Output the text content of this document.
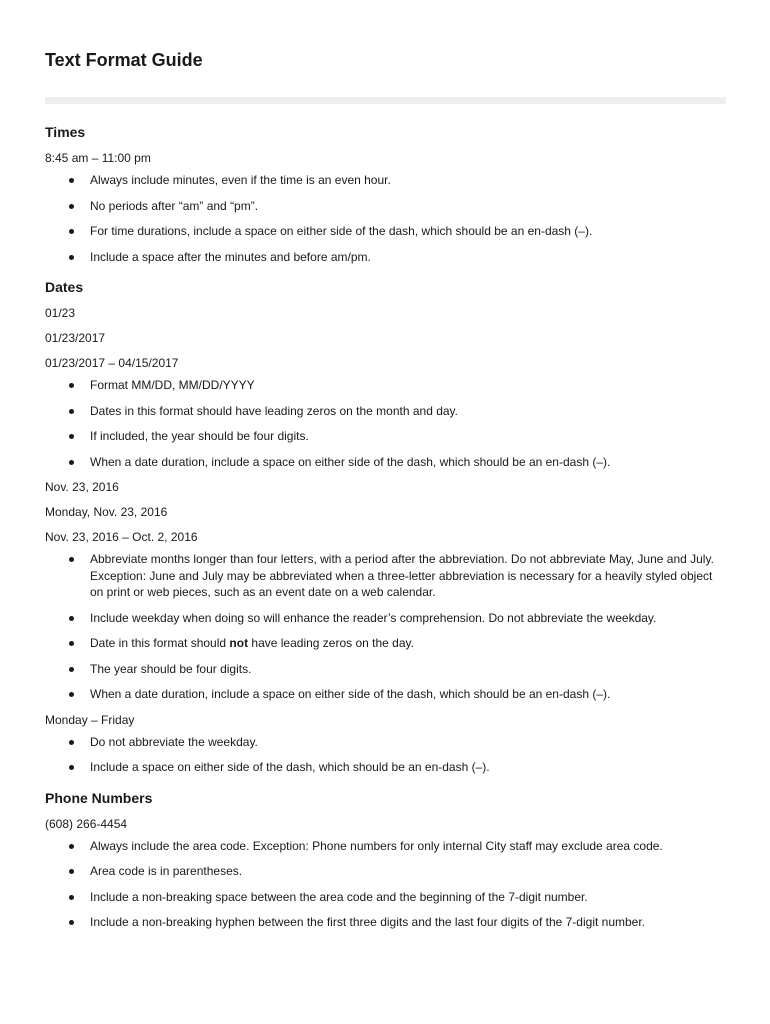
Text Format Guide
Times

8:45 am – 11:00 pm

Always include minutes, even if the time is an even hour.
No periods after “am” and “pm”.
For time durations, include a space on either side of the dash, which should be an en-dash (–).
Include a space after the minutes and before am/pm.
Dates

01/23

01/23/2017

01/23/2017 – 04/15/2017

Format MM/DD, MM/DD/YYYY
Dates in this format should have leading zeros on the month and day.
If included, the year should be four digits.
When a date duration, include a space on either side of the dash, which should be an en-dash (–).

Nov. 23, 2016

Monday, Nov. 23, 2016

Nov. 23, 2016 – Oct. 2, 2016

Abbreviate months longer than four letters, with a period after the abbreviation. Do not abbreviate May, June and July. Exception: June and July may be abbreviated when a three-letter abbreviation is necessary for a heavily styled object on print or web pieces, such as an event date on a web calendar.
Include weekday when doing so will enhance the reader’s comprehension. Do not abbreviate the weekday.
Date in this format should not have leading zeros on the day.
The year should be four digits.
When a date duration, include a space on either side of the dash, which should be an en-dash (–).

Monday – Friday

Do not abbreviate the weekday.
Include a space on either side of the dash, which should be an en-dash (–).
Phone Numbers

(608) 266-4454

Always include the area code. Exception: Phone numbers for only internal City staff may exclude area code.
Area code is in parentheses.
Include a non-breaking space between the area code and the beginning of the 7-digit number.
Include a non-breaking hyphen between the first three digits and the last four digits of the 7-digit number.
